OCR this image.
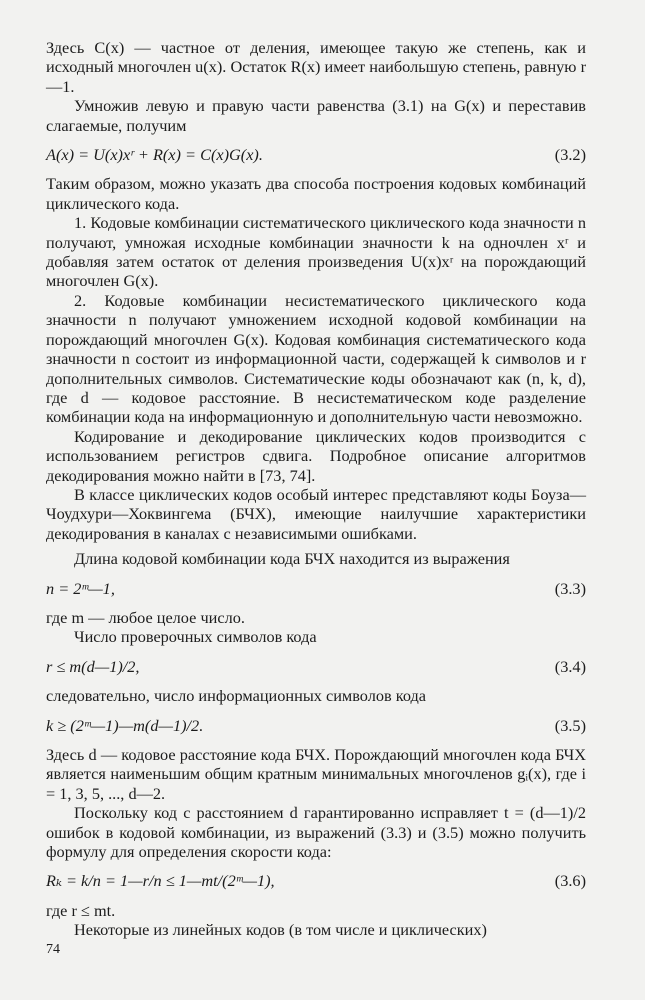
Здесь C(x) — частное от деления, имеющее такую же степень, как и исходный многочлен u(x). Остаток R(x) имеет наибольшую степень, равную r—1.

Умножив левую и правую части равенства (3.1) на G(x) и переставив слагаемые, получим

A(x) = U(x)xʳ + R(x) = C(x)G(x).	(3.2)

Таким образом, можно указать два способа построения кодовых комбинаций циклического кода.

1. Кодовые комбинации систематического циклического кода значности n получают, умножая исходные комбинации значности k на одночлен xʳ и добавляя затем остаток от деления произведения U(x)xʳ на порождающий многочлен G(x).

2. Кодовые комбинации несистематического циклического кода значности n получают умножением исходной кодовой комбинации на порождающий многочлен G(x). Кодовая комбинация систематического кода значности n состоит из информационной части, содержащей k символов и r дополнительных символов. Систематические коды обозначают как (n, k, d), где d — кодовое расстояние. В несистематическом коде разделение комбинации кода на информационную и дополнительную части невозможно.

Кодирование и декодирование циклических кодов производится с использованием регистров сдвига. Подробное описание алгоритмов декодирования можно найти в [73, 74].

В классе циклических кодов особый интерес представляют коды Боуза—Чоудхури—Хоквингема (БЧХ), имеющие наилучшие характеристики декодирования в каналах с независимыми ошибками.

Длина кодовой комбинации кода БЧХ находится из выражения

n = 2ᵐ—1,	(3.3)

где m — любое целое число.

Число проверочных символов кода

r ≤ m(d—1)/2,	(3.4)

следовательно, число информационных символов кода

k ≥ (2ᵐ—1)—m(d—1)/2.	(3.5)

Здесь d — кодовое расстояние кода БЧХ. Порождающий многочлен кода БЧХ является наименьшим общим кратным минимальных многочленов gᵢ(x), где i = 1, 3, 5, ..., d—2.

Поскольку код с расстоянием d гарантированно исправляет t = (d—1)/2 ошибок в кодовой комбинации, из выражений (3.3) и (3.5) можно получить формулу для определения скорости кода:

Rₖ = k/n = 1—r/n ≤ 1—mt/(2ᵐ—1),	(3.6)

где r ≤ mt.

Некоторые из линейных кодов (в том числе и циклических)

74
